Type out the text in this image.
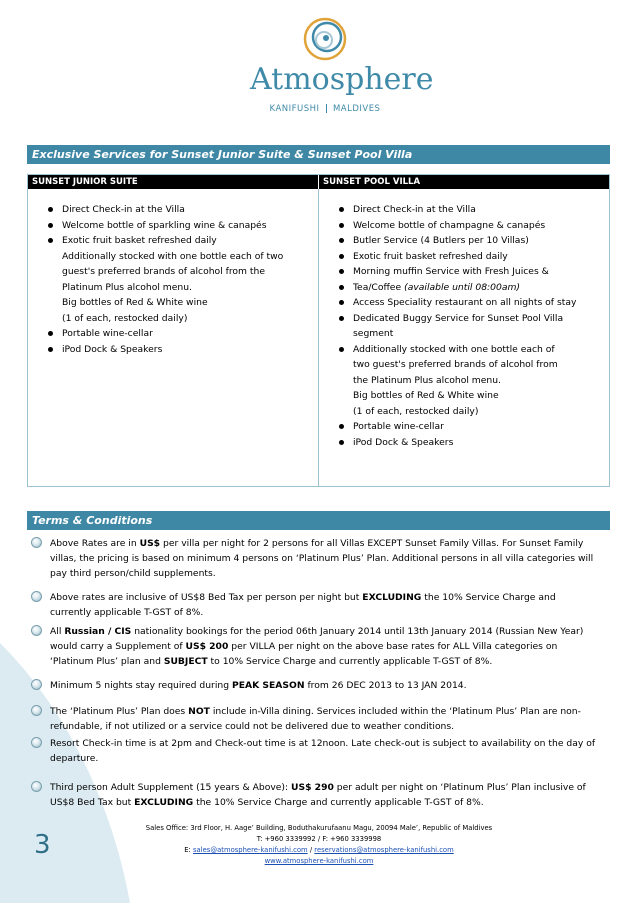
Atmosphere
KANIFUSHI MALDIVES
Exclusive Services for Sunset Junior Suite & Sunset Pool Villa
SUNSET JUNIOR SUITE	SUNSET POOL VILLA
Direct Check-in at the Villa
Welcome bottle of sparkling wine & canapés
Exotic fruit basket refreshed daily
Additionally stocked with one bottle each of two
guest's preferred brands of alcohol from the
Platinum Plus alcohol menu.
Big bottles of Red & White wine
(1 of each, restocked daily)
Portable wine-cellar
iPod Dock & Speakers
Direct Check-in at the Villa
Welcome bottle of champagne & canapés
Butler Service (4 Butlers per 10 Villas)
Exotic fruit basket refreshed daily
Morning muffin Service with Fresh Juices &
Tea/Coffee (available until 08:00am)
Access Speciality restaurant on all nights of stay
Dedicated Buggy Service for Sunset Pool Villa
segment
Additionally stocked with one bottle each of
two guest's preferred brands of alcohol from
the Platinum Plus alcohol menu.
Big bottles of Red & White wine
(1 of each, restocked daily)
Portable wine-cellar
iPod Dock & Speakers
Terms & Conditions
Above Rates are in US$ per villa per night for 2 persons for all Villas EXCEPT Sunset Family Villas. For Sunset Family
villas, the pricing is based on minimum 4 persons on ‘Platinum Plus’ Plan. Additional persons in all villa categories will
pay third person/child supplements.
Above rates are inclusive of US$8 Bed Tax per person per night but EXCLUDING the 10% Service Charge and
currently applicable T-GST of 8%.
All Russian / CIS nationality bookings for the period 06th January 2014 until 13th January 2014 (Russian New Year)
would carry a Supplement of US$ 200 per VILLA per night on the above base rates for ALL Villa categories on
‘Platinum Plus’ plan and SUBJECT to 10% Service Charge and currently applicable T-GST of 8%.
Minimum 5 nights stay required during PEAK SEASON from 26 DEC 2013 to 13 JAN 2014.
The ‘Platinum Plus’ Plan does NOT include in-Villa dining. Services included within the ‘Platinum Plus’ Plan are non-
refundable, if not utilized or a service could not be delivered due to weather conditions.
Resort Check-in time is at 2pm and Check-out time is at 12noon. Late check-out is subject to availability on the day of
departure.
Third person Adult Supplement (15 years & Above): US$ 290 per adult per night on ‘Platinum Plus’ Plan inclusive of
US$8 Bed Tax but EXCLUDING the 10% Service Charge and currently applicable T-GST of 8%.
3
Sales Office: 3rd Floor, H. Aage’ Building, Boduthakurufaanu Magu, 20094 Male’, Republic of Maldives
T: +960 3339992 / F: +960 3339998
E: sales@atmosphere-kanifushi.com / reservations@atmosphere-kanifushi.com
www.atmosphere-kanifushi.com
